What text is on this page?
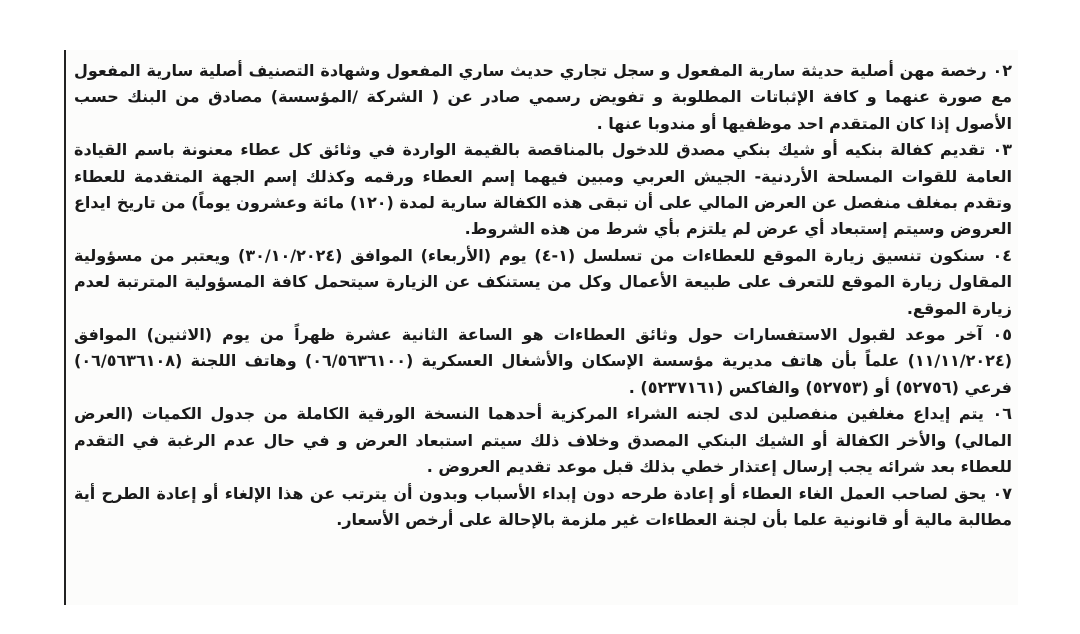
٠٢ رخصة مهن أصلية حديثة سارية المفعول و سجل تجاري حديث ساري المفعول وشهادة التصنيف أصلية سارية المفعول مع صورة عنهما و كافة الإثباتات المطلوبة و تفويض رسمي صادر عن ( الشركة /المؤسسة) مصادق من البنك حسب الأصول إذا كان المتقدم احد موظفيها أو مندوبا عنها .

٠٣ تقديم كفالة بنكيه أو شيك بنكي مصدق للدخول بالمناقصة بالقيمة الواردة في وثائق كل عطاء معنونة باسم القيادة العامة للقوات المسلحة الأردنية- الجيش العربي ومبين فيهما إسم العطاء ورقمه وكذلك إسم الجهة المتقدمة للعطاء وتقدم بمغلف منفصل عن العرض المالي على أن تبقى هذه الكفالة سارية لمدة (١٢٠) مائة وعشرون يوماً) من تاريخ ايداع العروض وسيتم إستبعاد أي عرض لم يلتزم بأي شرط من هذه الشروط.

٠٤ سنكون تنسيق زيارة الموقع للعطاءات من تسلسل (١-٤) يوم (الأربعاء) الموافق (٣٠/١٠/٢٠٢٤) ويعتبر من مسؤولية المقاول زيارة الموقع للتعرف على طبيعة الأعمال وكل من يستنكف عن الزيارة سيتحمل كافة المسؤولية المترتبة لعدم زيارة الموقع.

٠٥ آخر موعد لقبول الاستفسارات حول وثائق العطاءات هو الساعة الثانية عشرة ظهراً من يوم (الاثنين) الموافق (١١/١١/٢٠٢٤) علماً بأن هاتف مديرية مؤسسة الإسكان والأشغال العسكرية (٠٦/٥٦٣٦١٠٠) وهاتف اللجنة (٠٦/٥٦٣٦١٠٨) فرعي (٥٢٧٥٦) أو (٥٢٧٥٣) والفاكس (٥٢٣٧١٦١) .

٠٦ يتم إيداع مغلفين منفصلين لدى لجنه الشراء المركزية أحدهما النسخة الورقية الكاملة من جدول الكميات (العرض المالي) والأخر الكفالة أو الشيك البنكي المصدق وخلاف ذلك سيتم استبعاد العرض و في حال عدم الرغبة في التقدم للعطاء بعد شرائه يجب إرسال إعتذار خطي بذلك قبل موعد تقديم العروض .

٠٧ يحق لصاحب العمل الغاء العطاء أو إعادة طرحه دون إبداء الأسباب وبدون أن يترتب عن هذا الإلغاء أو إعادة الطرح أية مطالبة مالية أو قانونية علما بأن لجنة العطاءات غير ملزمة بالإحالة على أرخص الأسعار.
